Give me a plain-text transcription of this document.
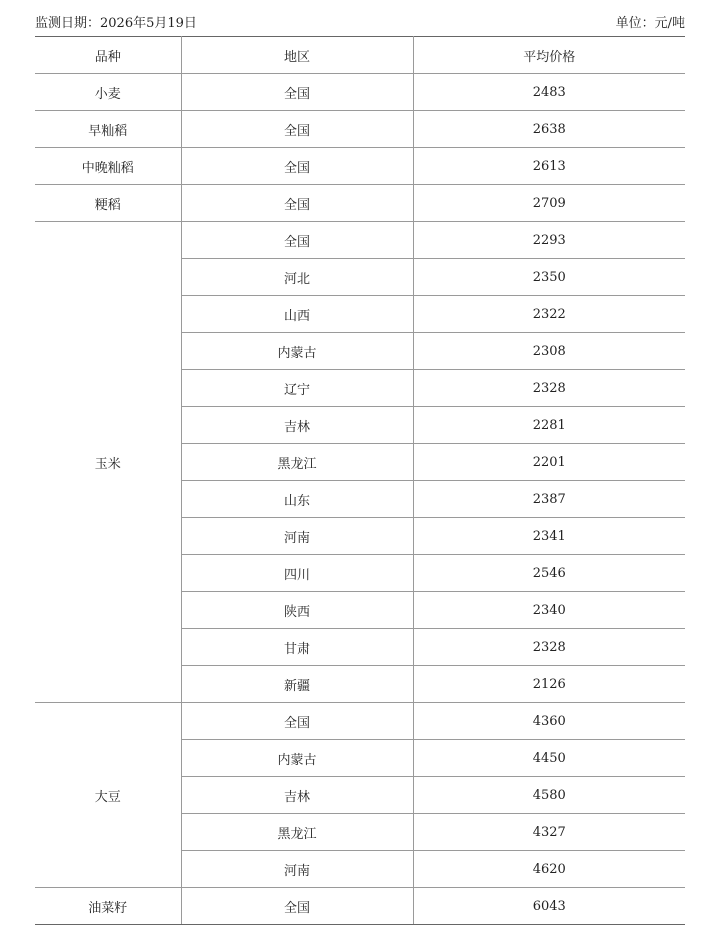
监测日期：2026年5月19日	单位：元/吨
品种	地区	平均价格
小麦	全国	2483
早籼稻	全国	2638
中晚籼稻	全国	2613
粳稻	全国	2709
玉米	全国	2293
	河北	2350
	山西	2322
	内蒙古	2308
	辽宁	2328
	吉林	2281
	黑龙江	2201
	山东	2387
	河南	2341
	四川	2546
	陕西	2340
	甘肃	2328
	新疆	2126
大豆	全国	4360
	内蒙古	4450
	吉林	4580
	黑龙江	4327
	河南	4620
油菜籽	全国	6043
